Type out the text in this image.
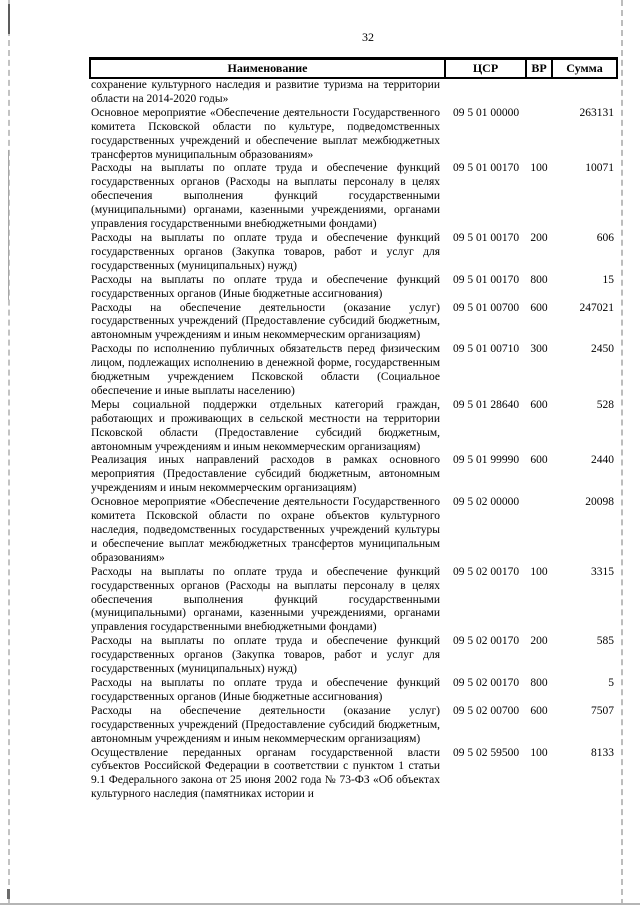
32
Наименование	ЦСР	ВР	Сумма
сохранение культурного наследия и развитие туризма на территории области на 2014-2020 годы»			
Основное мероприятие «Обеспечение деятельности Государственного комитета Псковской области по культуре, подведомственных государственных учреждений и обеспечение выплат межбюджетных трансфертов муниципальным образованиям»	09 5 01 00000		263131
Расходы на выплаты по оплате труда и обеспечение функций государственных органов (Расходы на выплаты персоналу в целях обеспечения выполнения функций государственными (муниципальными) органами, казенными учреждениями, органами управления государственными внебюджетными фондами)	09 5 01 00170	100	10071
Расходы на выплаты по оплате труда и обеспечение функций государственных органов (Закупка товаров, работ и услуг для государственных (муниципальных) нужд)	09 5 01 00170	200	606
Расходы на выплаты по оплате труда и обеспечение функций государственных органов (Иные бюджетные ассигнования)	09 5 01 00170	800	15
Расходы на обеспечение деятельности (оказание услуг) государственных учреждений (Предоставление субсидий бюджетным, автономным учреждениям и иным некоммерческим организациям)	09 5 01 00700	600	247021
Расходы по исполнению публичных обязательств перед физическим лицом, подлежащих исполнению в денежной форме, государственным бюджетным учреждением Псковской области (Социальное обеспечение и иные выплаты населению)	09 5 01 00710	300	2450
Меры социальной поддержки отдельных категорий граждан, работающих и проживающих в сельской местности на территории Псковской области (Предоставление субсидий бюджетным, автономным учреждениям и иным некоммерческим организациям)	09 5 01 28640	600	528
Реализация иных направлений расходов в рамках основного мероприятия (Предоставление субсидий бюджетным, автономным учреждениям и иным некоммерческим организациям)	09 5 01 99990	600	2440
Основное мероприятие «Обеспечение деятельности Государственного комитета Псковской области по охране объектов культурного наследия, подведомственных государственных учреждений культуры и обеспечение выплат межбюджетных трансфертов муниципальным образованиям»	09 5 02 00000		20098
Расходы на выплаты по оплате труда и обеспечение функций государственных органов (Расходы на выплаты персоналу в целях обеспечения выполнения функций государственными (муниципальными) органами, казенными учреждениями, органами управления государственными внебюджетными фондами)	09 5 02 00170	100	3315
Расходы на выплаты по оплате труда и обеспечение функций государственных органов (Закупка товаров, работ и услуг для государственных (муниципальных) нужд)	09 5 02 00170	200	585
Расходы на выплаты по оплате труда и обеспечение функций государственных органов (Иные бюджетные ассигнования)	09 5 02 00170	800	5
Расходы на обеспечение деятельности (оказание услуг) государственных учреждений (Предоставление субсидий бюджетным, автономным учреждениям и иным некоммерческим организациям)	09 5 02 00700	600	7507
Осуществление переданных органам государственной власти субъектов Российской Федерации в соответствии с пунктом 1 статьи 9.1 Федерального закона от 25 июня 2002 года № 73-ФЗ «Об объектах культурного наследия (памятниках истории и	09 5 02 59500	100	8133
